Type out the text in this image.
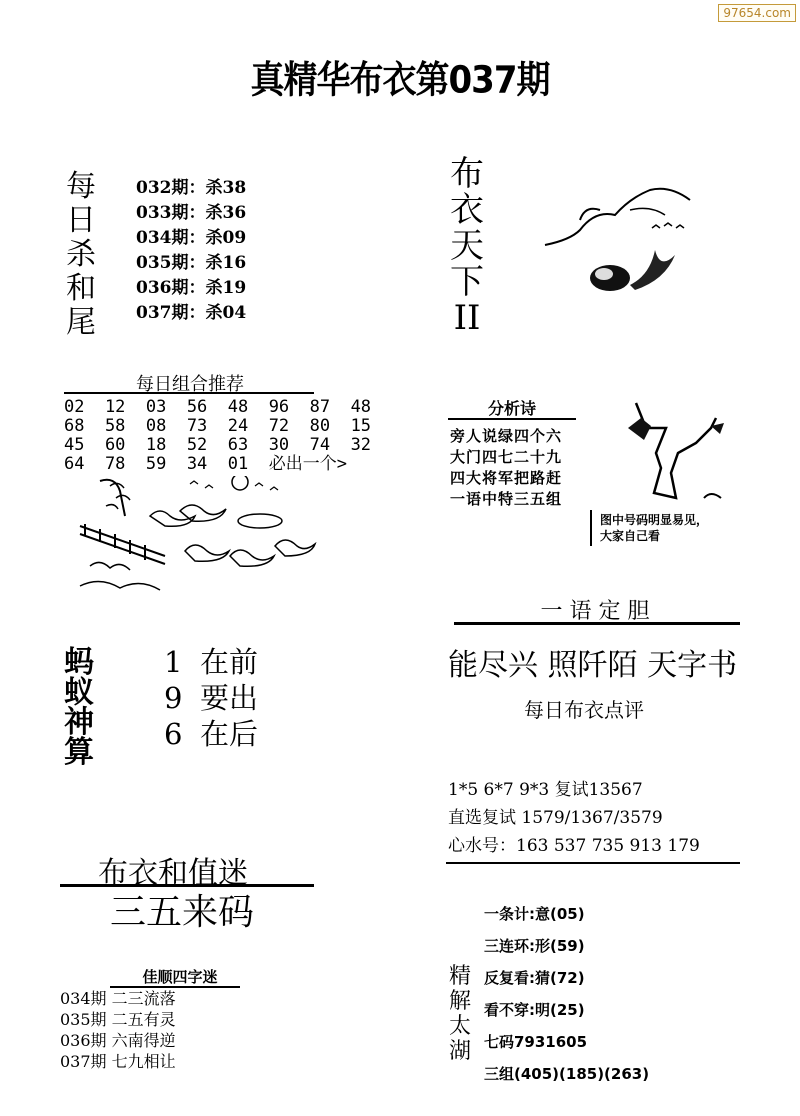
97654.com
真精华布衣第037期
每
日
杀
和
尾
032期：杀38
033期：杀36
034期：杀09
035期：杀16
036期：杀19
037期：杀04
布
衣
天
下
II
每日组合推荐
02  12  03  56  48  96  87  48
68  58  08  73  24  72  80  15
45  60  18  52  63  30  74  32
64  78  59  34  01  必出一个>
分析诗
旁人说绿四个六
大门四七二十九
四大将军把路赶
一语中特三五组
图中号码明显易见，
大家自己看
一 语 定 胆
能尽兴 照阡陌 天字书
蚂
蚁
神
算
1 在前
9 要出
6 在后
每日布衣点评
1*5 6*7 9*3 复试13567
直选复试 1579/1367/3579
心水号：163 537 735 913 179
布衣和值迷
三五来码
佳顺四字迷
034期 二三流落
035期 二五有灵
036期 六南得逆
037期 七九相让
精
解
太
湖
一条计:意(05)
三连环:形(59)
反复看:猜(72)
看不穿:明(25)
七码7931605
三组(405)(185)(263)
